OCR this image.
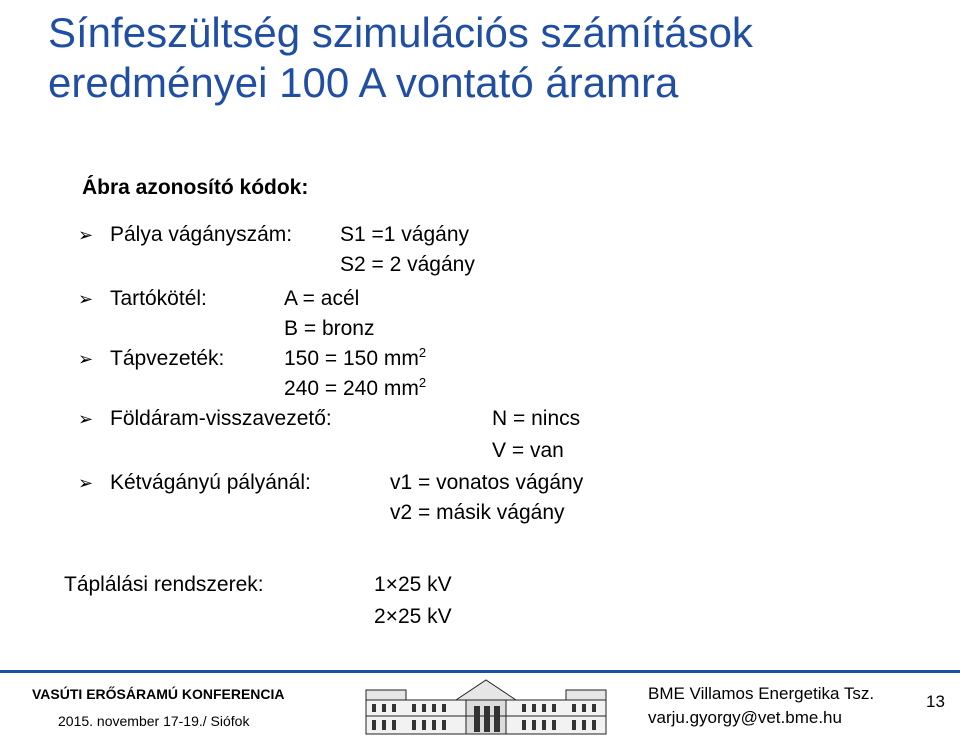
Sínfeszültség szimulációs számítások
eredményei 100 A vontató áramra
Ábra azonosító kódok:
➢
➢
➢
➢
➢
Pálya vágányszám: S1 =1 vágány
S2 = 2 vágány
Tartókötél:	A = acél
B = bronz
Tápvezeték:	150 = 150 $mm^2$
240 = 240 $mm^2$
Földáram-visszavezető:	N = nincs
V = van
Kétvágányú pályánál:	v1 = vonatos vágány
v2 = másik vágány
Táplálási rendszerek:	1×25 kV
2×25 kV
VASÚTI ERŐSÁRAMÚ KONFERENCIA
2015. november 17-19./ Siófok
BME Villamos Energetika Tsz.
varju.gyorgy@vet.bme.hu
13
